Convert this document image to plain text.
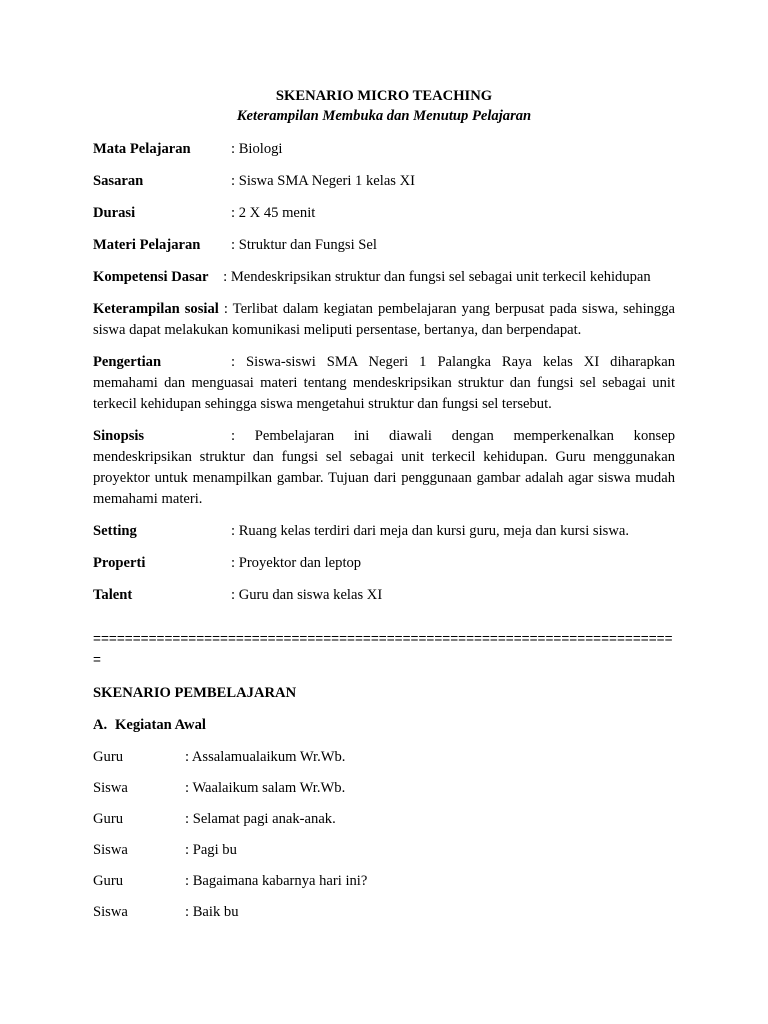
SKENARIO MICRO TEACHING

Keterampilan Membuka dan Menutup Pelajaran

Mata Pelajaran	: Biologi
Sasaran	: Siswa SMA Negeri 1 kelas XI
Durasi	: 2 X 45 menit
Materi Pelajaran	: Struktur dan Fungsi Sel

Kompetensi Dasar : Mendeskripsikan struktur dan fungsi sel sebagai unit terkecil kehidupan

Keterampilan sosial : Terlibat dalam kegiatan pembelajaran yang berpusat pada siswa, sehingga siswa dapat melakukan komunikasi meliputi persentase, bertanya, dan berpendapat.

Pengertian	: Siswa-siswi SMA Negeri 1 Palangka Raya kelas XI diharapkan memahami dan menguasai materi tentang mendeskripsikan struktur dan fungsi sel sebagai unit terkecil kehidupan sehingga siswa mengetahui struktur dan fungsi sel tersebut.

Sinopsis	: Pembelajaran ini diawali dengan memperkenalkan konsep mendeskripsikan struktur dan fungsi sel sebagai unit terkecil kehidupan. Guru menggunakan proyektor untuk menampilkan gambar. Tujuan dari penggunaan gambar adalah agar siswa mudah memahami materi.

Setting	: Ruang kelas terdiri dari meja dan kursi guru, meja dan kursi siswa.
Properti	: Proyektor dan leptop
Talent	: Guru dan siswa kelas XI
==========================================================================

SKENARIO PEMBELAJARAN

A. Kegiatan Awal

Guru	: Assalamualaikum Wr.Wb.
Siswa	: Waalaikum salam Wr.Wb.
Guru	: Selamat pagi anak-anak.
Siswa	: Pagi bu
Guru	: Bagaimana kabarnya hari ini?
Siswa	: Baik bu
